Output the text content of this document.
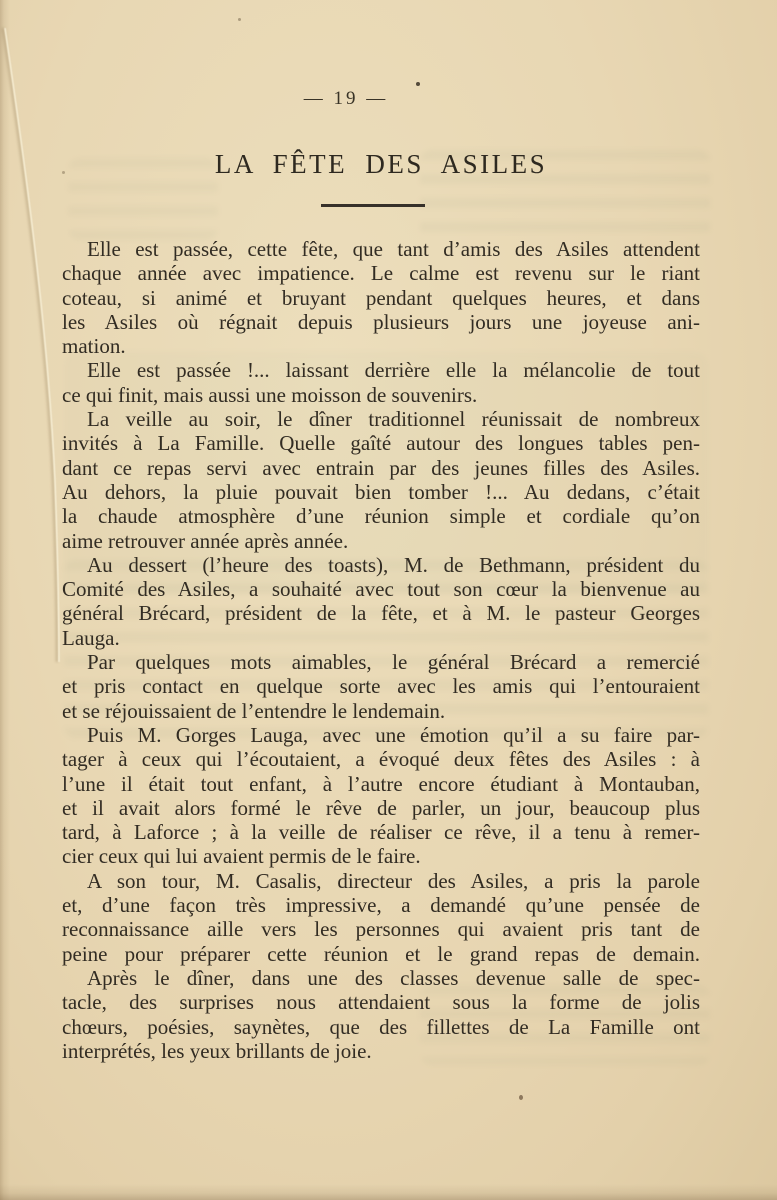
— 19 —
LA FÊTE DES ASILES

Elle est passée, cette fête, que tant d’amis des Asiles attendent
chaque année avec impatience. Le calme est revenu sur le riant
coteau, si animé et bruyant pendant quelques heures, et dans
les Asiles où régnait depuis plusieurs jours une joyeuse ani-
mation.

Elle est passée !... laissant derrière elle la mélancolie de tout
ce qui finit, mais aussi une moisson de souvenirs.

La veille au soir, le dîner traditionnel réunissait de nombreux
invités à La Famille. Quelle gaîté autour des longues tables pen-
dant ce repas servi avec entrain par des jeunes filles des Asiles.
Au dehors, la pluie pouvait bien tomber !... Au dedans, c’était
la chaude atmosphère d’une réunion simple et cordiale qu’on
aime retrouver année après année.

Au dessert (l’heure des toasts), M. de Bethmann, président du
Comité des Asiles, a souhaité avec tout son cœur la bienvenue au
général Brécard, président de la fête, et à M. le pasteur Georges
Lauga.

Par quelques mots aimables, le général Brécard a remercié
et pris contact en quelque sorte avec les amis qui l’entouraient
et se réjouissaient de l’entendre le lendemain.

Puis M. Gorges Lauga, avec une émotion qu’il a su faire par-
tager à ceux qui l’écoutaient, a évoqué deux fêtes des Asiles : à
l’une il était tout enfant, à l’autre encore étudiant à Montauban,
et il avait alors formé le rêve de parler, un jour, beaucoup plus
tard, à Laforce ; à la veille de réaliser ce rêve, il a tenu à remer-
cier ceux qui lui avaient permis de le faire.

A son tour, M. Casalis, directeur des Asiles, a pris la parole
et, d’une façon très impressive, a demandé qu’une pensée de
reconnaissance aille vers les personnes qui avaient pris tant de
peine pour préparer cette réunion et le grand repas de demain.

Après le dîner, dans une des classes devenue salle de spec-
tacle, des surprises nous attendaient sous la forme de jolis
chœurs, poésies, saynètes, que des fillettes de La Famille ont
interprétés, les yeux brillants de joie.
